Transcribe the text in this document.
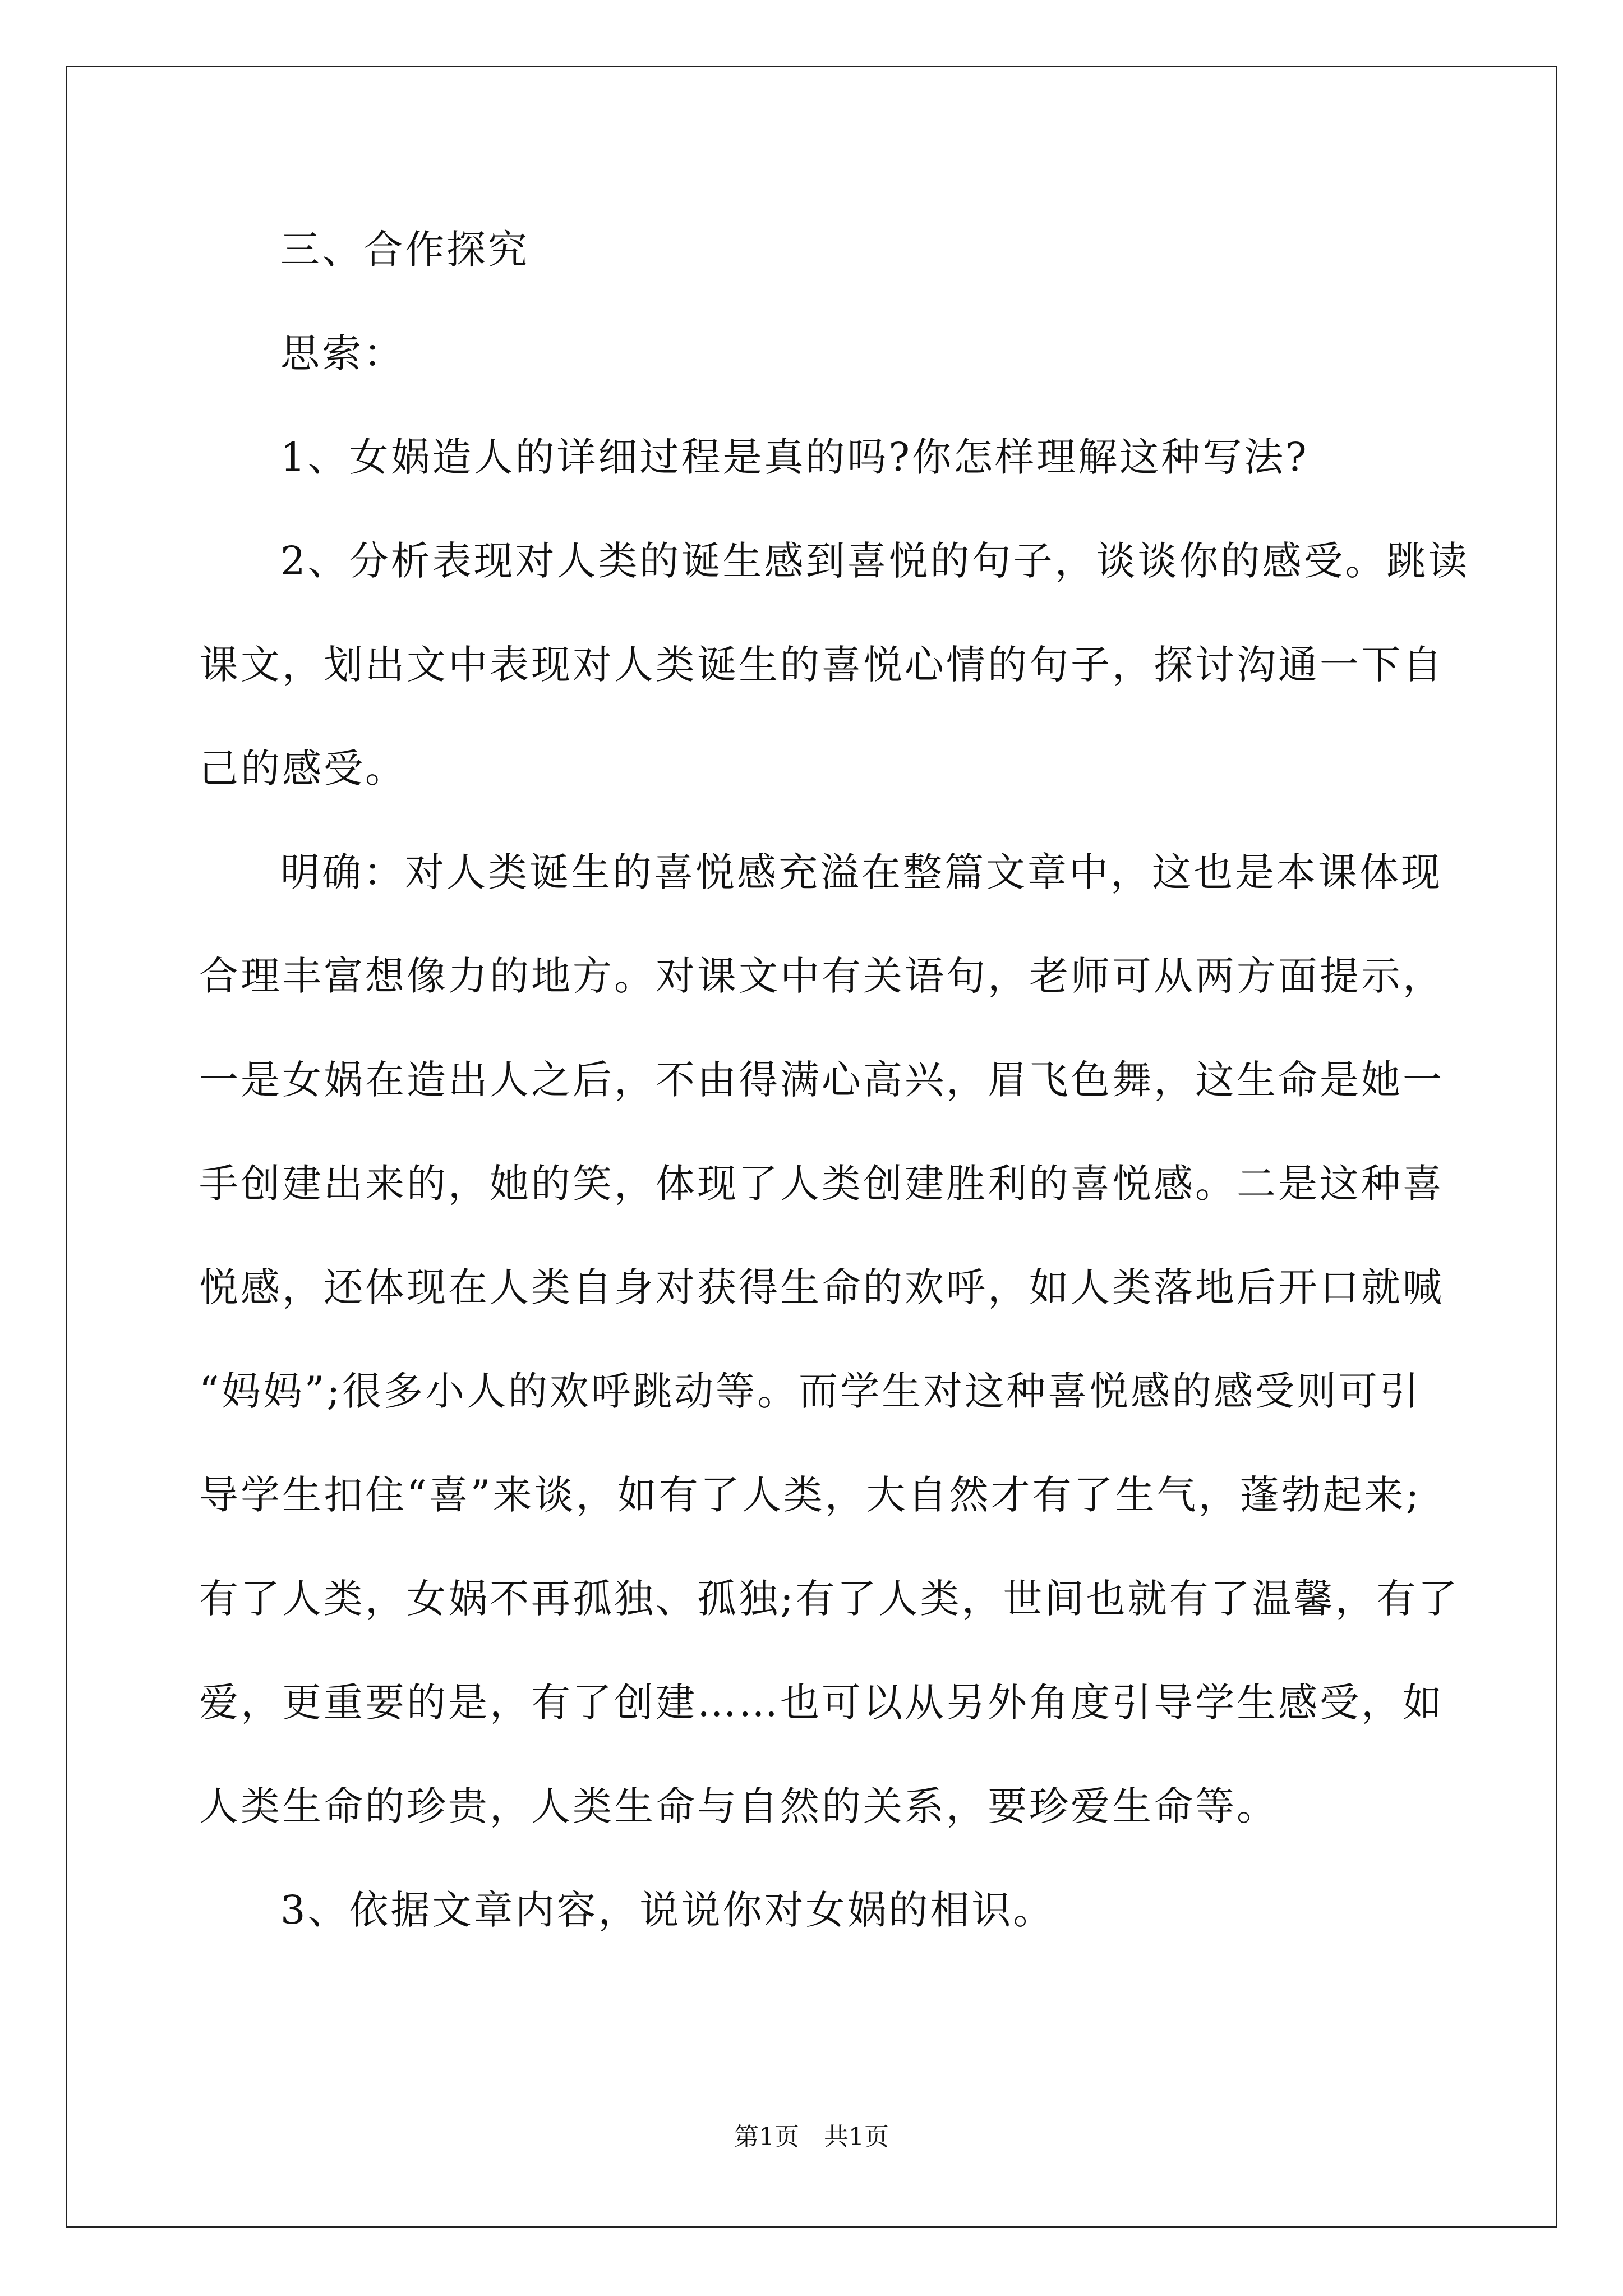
三、合作探究
思索：
1、女娲造人的详细过程是真的吗?你怎样理解这种写法?
2、分析表现对人类的诞生感到喜悦的句子，谈谈你的感受。跳读
课文，划出文中表现对人类诞生的喜悦心情的句子，探讨沟通一下自
己的感受。
明确：对人类诞生的喜悦感充溢在整篇文章中，这也是本课体现
合理丰富想像力的地方。对课文中有关语句，老师可从两方面提示，
一是女娲在造出人之后，不由得满心高兴，眉飞色舞，这生命是她一
手创建出来的，她的笑，体现了人类创建胜利的喜悦感。二是这种喜
悦感，还体现在人类自身对获得生命的欢呼，如人类落地后开口就喊
“妈妈”;很多小人的欢呼跳动等。而学生对这种喜悦感的感受则可引
导学生扣住“喜”来谈，如有了人类，大自然才有了生气，蓬勃起来;
有了人类，女娲不再孤独、孤独;有了人类，世间也就有了温馨，有了
爱，更重要的是，有了创建……也可以从另外角度引导学生感受，如
人类生命的珍贵，人类生命与自然的关系，要珍爱生命等。
3、依据文章内容，说说你对女娲的相识。
第1页　共1页
